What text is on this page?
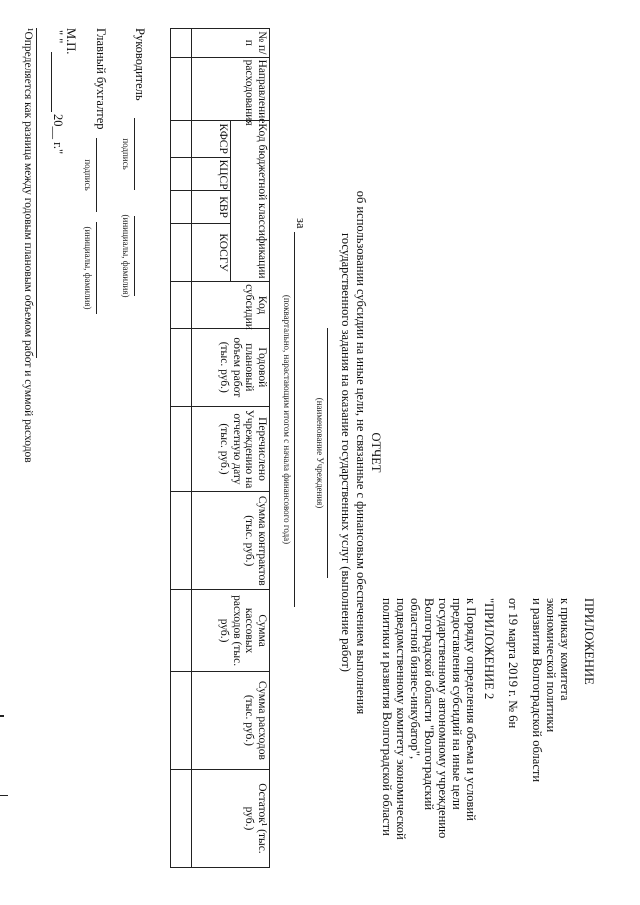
ПРИЛОЖЕНИЕ
к приказу комитета
экономической политики
и развития Волгоградской области
от 19 марта 2019 г. № 6н
"ПРИЛОЖЕНИЕ 2
к Порядку определения объема и условий
предоставления субсидий на иные цели
государственному автономному учреждению
Волгоградской области "Волгоградский
областной бизнес-инкубатор",
подведомственному комитету экономической
политики и развития Волгоградской области
ОТЧЕТ
об использовании субсидии на иные цели, не связанные с финансовым обеспечением выполнения
государственного задания на оказание государственных услуг (выполнение работ)
(наименование Учреждения)
за
(поквартально, нарастающим итогом с начала финансового года)
№ п/п	Направление расходования	Код бюджетной классификации				Код субсидии	Годовой плановый объем работ (тыс. руб.)	Перечислено Учреждению на отчетную дату (тыс. руб.)	Сумма контрактов (тыс. руб.)	Сумма кассовых расходов (тыс. руб.)	Сумма расходов (тыс. руб.)	Остаток¹ (тыс. руб.)
		КФСР	КЦСР	КВР	КОСГУ							

Руководитель
подпись
(инициалы, фамилия)
Главный бухгалтер
подпись
(инициалы, фамилия)
М.П.
" "
20__ г."
¹Определяется как разница между годовым плановым объемом работ и суммой расходов
